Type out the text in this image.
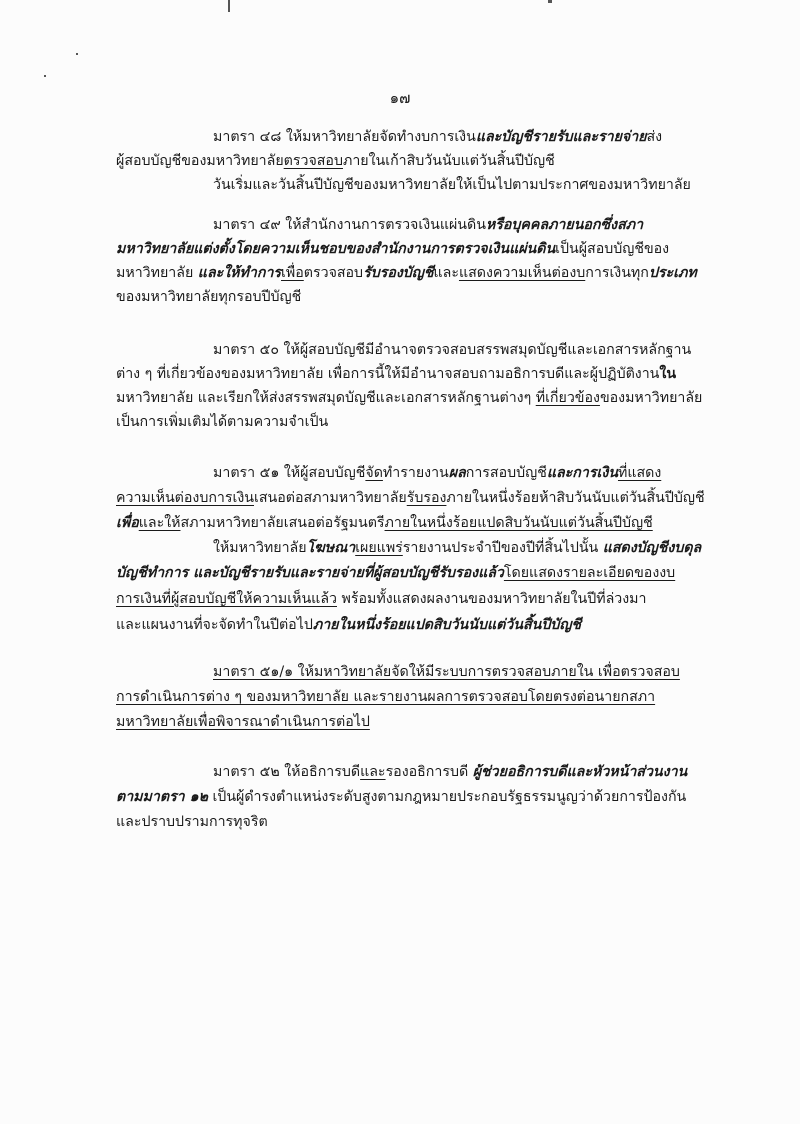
๑๗
มาตรา ๔๘ ให้มหาวิทยาลัยจัดทำงบการเงินและบัญชีรายรับและรายจ่ายส่ง
ผู้สอบบัญชีของมหาวิทยาลัยตรวจสอบภายในเก้าสิบวันนับแต่วันสิ้นปีบัญชี
วันเริ่มและวันสิ้นปีบัญชีของมหาวิทยาลัยให้เป็นไปตามประกาศของมหาวิทยาลัย
มาตรา ๔๙ ให้สำนักงานการตรวจเงินแผ่นดินหรือบุคคลภายนอกซึ่งสภา
มหาวิทยาลัยแต่งตั้งโดยความเห็นชอบของสำนักงานการตรวจเงินแผ่นดินเป็นผู้สอบบัญชีของ
มหาวิทยาลัย และให้ทำการเพื่อตรวจสอบรับรองบัญชีและแสดงความเห็นต่องบการเงินทุกประเภท
ของมหาวิทยาลัยทุกรอบปีบัญชี
มาตรา ๕๐ ให้ผู้สอบบัญชีมีอำนาจตรวจสอบสรรพสมุดบัญชีและเอกสารหลักฐาน
ต่าง ๆ ที่เกี่ยวข้องของมหาวิทยาลัย เพื่อการนี้ให้มีอำนาจสอบถามอธิการบดีและผู้ปฏิบัติงานใน
มหาวิทยาลัย และเรียกให้ส่งสรรพสมุดบัญชีและเอกสารหลักฐานต่างๆ ที่เกี่ยวข้องของมหาวิทยาลัย
เป็นการเพิ่มเติมได้ตามความจำเป็น
มาตรา ๕๑ ให้ผู้สอบบัญชีจัดทำรายงานผลการสอบบัญชีและการเงินที่แสดง
ความเห็นต่องบการเงินเสนอต่อสภามหาวิทยาลัยรับรองภายในหนึ่งร้อยห้าสิบวันนับแต่วันสิ้นปีบัญชี
เพื่อและให้สภามหาวิทยาลัยเสนอต่อรัฐมนตรีภายในหนึ่งร้อยแปดสิบวันนับแต่วันสิ้นปีบัญชี
ให้มหาวิทยาลัยโฆษณาเผยแพร่รายงานประจำปีของปีที่สิ้นไปนั้น แสดงบัญชีงบดุล
บัญชีทำการ และบัญชีรายรับและรายจ่ายที่ผู้สอบบัญชีรับรองแล้วโดยแสดงรายละเอียดของงบ
การเงินที่ผู้สอบบัญชีให้ความเห็นแล้ว พร้อมทั้งแสดงผลงานของมหาวิทยาลัยในปีที่ล่วงมา
และแผนงานที่จะจัดทำในปีต่อไปภายในหนึ่งร้อยแปดสิบวันนับแต่วันสิ้นปีบัญชี
มาตรา ๕๑/๑ ให้มหาวิทยาลัยจัดให้มีระบบการตรวจสอบภายใน เพื่อตรวจสอบ
การดำเนินการต่าง ๆ ของมหาวิทยาลัย และรายงานผลการตรวจสอบโดยตรงต่อนายกสภา
มหาวิทยาลัยเพื่อพิจารณาดำเนินการต่อไป
มาตรา ๕๒ ให้อธิการบดีและรองอธิการบดี ผู้ช่วยอธิการบดีและหัวหน้าส่วนงาน
ตามมาตรา ๑๒ เป็นผู้ดำรงตำแหน่งระดับสูงตามกฎหมายประกอบรัฐธรรมนูญว่าด้วยการป้องกัน
และปราบปรามการทุจริต
